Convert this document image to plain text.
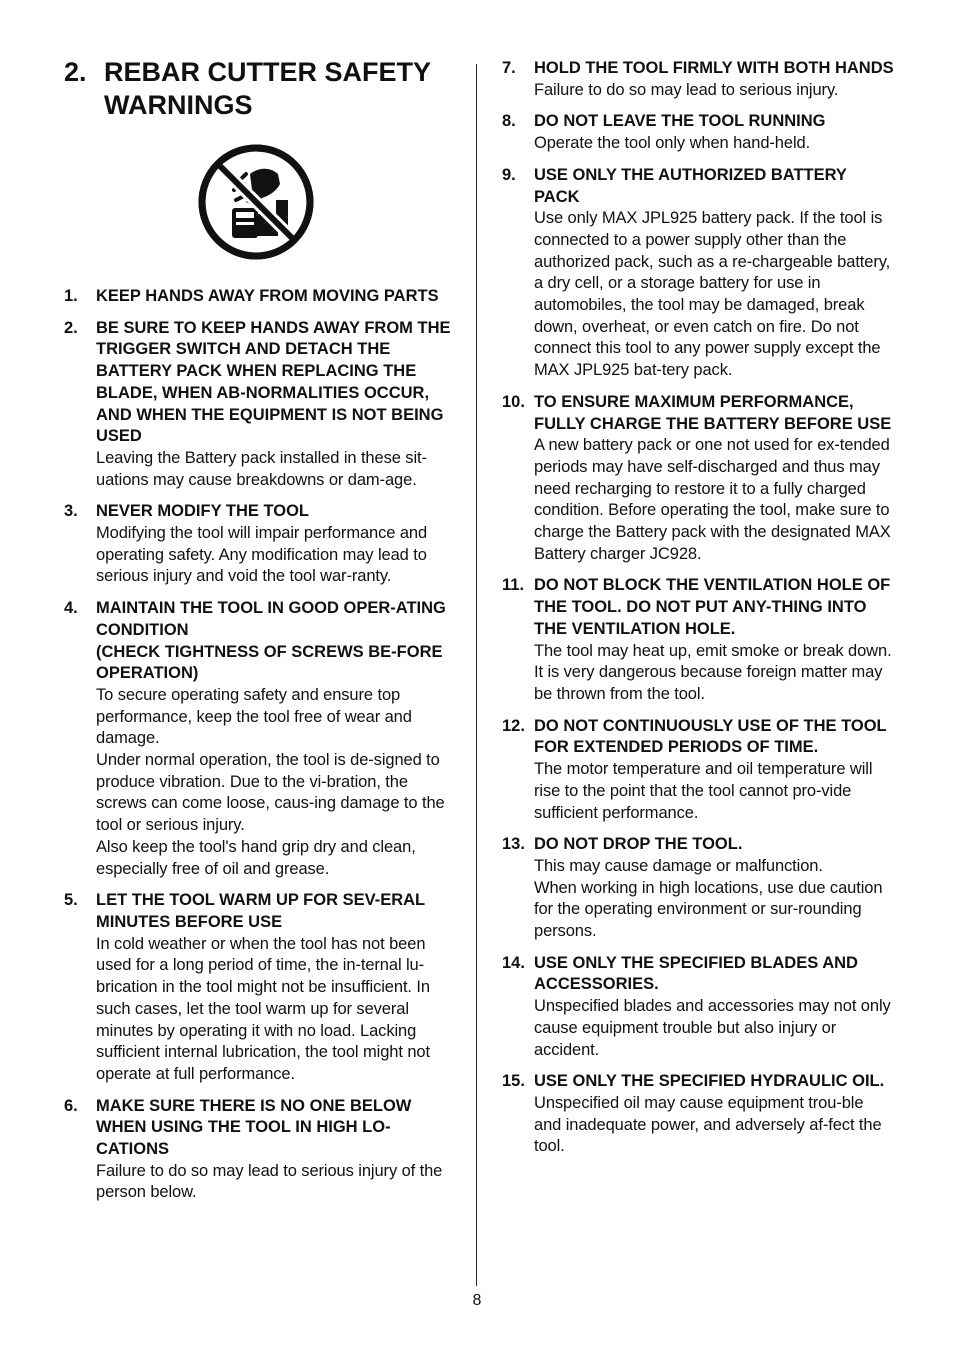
2. REBAR CUTTER SAFETY WARNINGS
1.	KEEP HANDS AWAY FROM MOVING PARTS
2.	BE SURE TO KEEP HANDS AWAY FROM THE TRIGGER SWITCH AND DETACH THE BATTERY PACK WHEN REPLACING THE BLADE, WHEN AB-NORMALITIES OCCUR, AND WHEN THE EQUIPMENT IS NOT BEING USED
Leaving the Battery pack installed in these sit-uations may cause breakdowns or dam-age.
3.	NEVER MODIFY THE TOOL
Modifying the tool will impair performance and operating safety. Any modification may lead to serious injury and void the tool war-ranty.
4.	MAINTAIN THE TOOL IN GOOD OPER-ATING CONDITION
(CHECK TIGHTNESS OF SCREWS BE-FORE OPERATION)
To secure operating safety and ensure top performance, keep the tool free of wear and damage.
Under normal operation, the tool is de-signed to produce vibration. Due to the vi-bration, the screws can come loose, caus-ing damage to the tool or serious injury.
Also keep the tool's hand grip dry and clean, especially free of oil and grease.
5.	LET THE TOOL WARM UP FOR SEV-ERAL MINUTES BEFORE USE
In cold weather or when the tool has not been used for a long period of time, the in-ternal lu-brication in the tool might not be insufficient. In such cases, let the tool warm up for several minutes by operating it with no load. Lacking sufficient internal lubrication, the tool might not operate at full performance.
6.	MAKE SURE THERE IS NO ONE BELOW WHEN USING THE TOOL IN HIGH LO-CATIONS
Failure to do so may lead to serious injury of the person below.
7.	HOLD THE TOOL FIRMLY WITH BOTH HANDS
Failure to do so may lead to serious injury.
8.	DO NOT LEAVE THE TOOL RUNNING
Operate the tool only when hand-held.
9.	USE ONLY THE AUTHORIZED BATTERY PACK
Use only MAX JPL925 battery pack. If the tool is connected to a power supply other than the authorized pack, such as a re-chargeable battery, a dry cell, or a storage battery for use in automobiles, the tool may be damaged, break down, overheat, or even catch on fire. Do not connect this tool to any power supply except the MAX JPL925 bat-tery pack.
10. TO ENSURE MAXIMUM PERFORMANCE, FULLY CHARGE THE BATTERY BEFORE USE
A new battery pack or one not used for ex-tended periods may have self-discharged and thus may need recharging to restore it to a fully charged condition. Before operating the tool, make sure to charge the Battery pack with the designated MAX Battery charger JC928.
11. DO NOT BLOCK THE VENTILATION HOLE OF THE TOOL. DO NOT PUT ANY-THING INTO THE VENTILATION HOLE.
The tool may heat up, emit smoke or break down.
It is very dangerous because foreign matter may be thrown from the tool.
12. DO NOT CONTINUOUSLY USE OF THE TOOL FOR EXTENDED PERIODS OF TIME.
The motor temperature and oil temperature will rise to the point that the tool cannot pro-vide sufficient performance.
13. DO NOT DROP THE TOOL.
This may cause damage or malfunction.
When working in high locations, use due caution for the operating environment or sur-rounding persons.
14. USE ONLY THE SPECIFIED BLADES AND ACCESSORIES.
Unspecified blades and accessories may not only cause equipment trouble but also injury or accident.
15. USE ONLY THE SPECIFIED HYDRAULIC OIL.
Unspecified oil may cause equipment trou-ble and inadequate power, and adversely af-fect the tool.
8
